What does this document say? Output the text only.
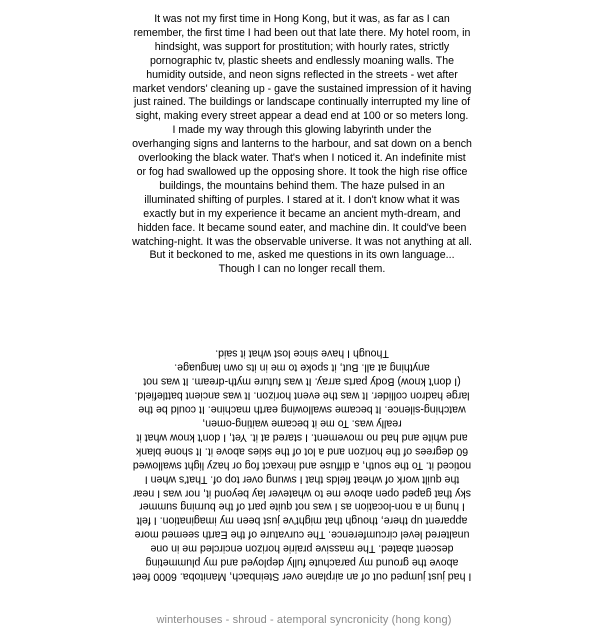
It was not my first time in Hong Kong, but it was, as far as I can
remember, the first time I had been out that late there. My hotel room, in
hindsight, was support for prostitution; with hourly rates, strictly
pornographic tv, plastic sheets and endlessly moaning walls. The
humidity outside, and neon signs reflected in the streets - wet after
market vendors' cleaning up - gave the sustained impression of it having
just rained. The buildings or landscape continually interrupted my line of
sight, making every street appear a dead end at 100 or so meters long.
I made my way through this glowing labyrinth under the
overhanging signs and lanterns to the harbour, and sat down on a bench
overlooking the black water. That's when I noticed it. An indefinite mist
or fog had swallowed up the opposing shore. It took the high rise office
buildings, the mountains behind them. The haze pulsed in an
illuminated shifting of purples. I stared at it. I don't know what it was
exactly but in my experience it became an ancient myth-dream, and
hidden face. It became sound eater, and machine din. It could've been
watching-night. It was the observable universe. It was not anything at all.
But it beckoned to me, asked me questions in its own language...
Though I can no longer recall them.
I had just jumped out of an airplane over Steinbach, Manitoba. 6000 feet
above the ground my parachute fully deployed and my plummeting
descent abated. The massive prairie horizon encircled me in one
unaltered level circumference. The curvature of the Earth seemed more
apparent up there, though that might've just been my imagination. I felt
I hung in a non-location as I was not quite part of the burning summer
sky that gaped open above me to whatever lay beyond it, nor was I near
the quilt work of wheat fields that I swung over top of. That's when I
noticed it. To the south, a diffuse and inexact fog or hazy light swallowed
60 degrees of the horizon and a lot of the skies above it. It shone blank
and white and had no movement. I stared at it. Yet, I don't know what it
really was. To me it became waiting-omen,
watching-silence. It became swallowing earth machine. It could be the
large hadron collider. It was the event horizon. It was ancient battlefield.
(I don't know) Body parts array. It was future myth-dream. It was not
anything at all. But, it spoke to me in its own language.
Though I have since lost what it said.
winterhouses - shroud - atemporal syncronicity (hong kong)
